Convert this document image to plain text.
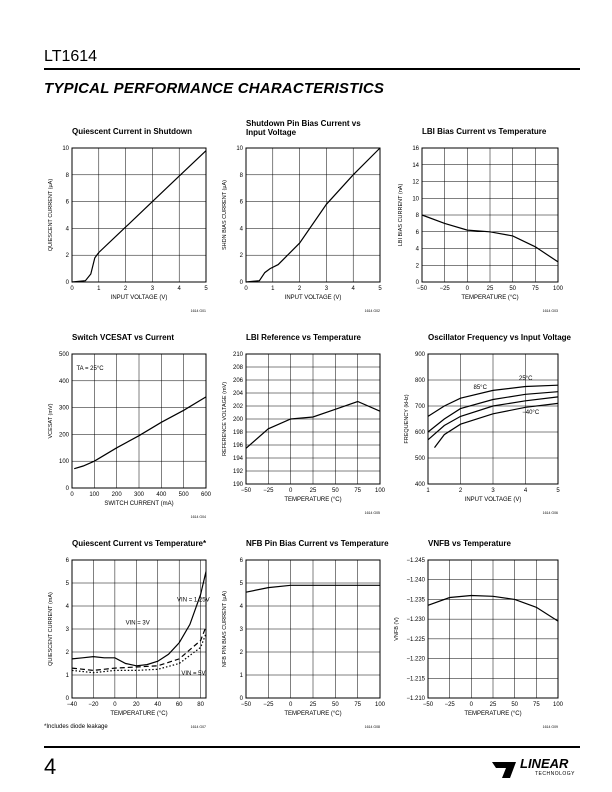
LT1614
TYPICAL PERFORMANCE CHARACTERISTICS
Quiescent Current in Shutdown
0	1	2	3	4	5
0
2
4
6
8
10
INPUT VOLTAGE (V)
QUIESCENT CURRENT (µA)
1614 G01
Shutdown Pin Bias Current vs Input Voltage
0	1	2	3	4	5
0
2
4
6
8
10
INPUT VOLTAGE (V)
SHDN BIAS CURRENT (µA)
1614 G02
LBI Bias Current vs Temperature
−50 −25	0	25	50	75 100
0
2
4
6
8
10
12
14
16
TEMPERATURE (°C)
LBI BIAS CURRENT (nA)
1614 G03
Switch VCESAT vs Current
0	100 200 300 400 500 600
0
100
200
300
400
500
SWITCH CURRENT (mA)
VCESAT (mV)
1614 G04
TA = 25°C
LBI Reference vs Temperature
−50 −25	0	25	50	75 100
190
192
194
196
198
200
202
204
206
208
210
TEMPERATURE (°C)
REFERENCE VOLTAGE (mV)
1614 G05
Oscillator Frequency vs Input Voltage
1	2	3	4	5
400
500
600
700
800
900
INPUT VOLTAGE (V)
FREQUENCY (kHz)
1614 G06
25°C
85°C
−40°C
Quiescent Current vs Temperature*
−40 −20 0	20 40 60 80
0
1
2
3
4
5
6
TEMPERATURE (°C)
QUIESCENT CURRENT (mA)
1614 G07
VIN = 1.25V
VIN = 3V
VIN = 5V
NFB Pin Bias Current vs Temperature
−50 −25	0	25	50	75 100
0
1
2
3
4
5
6
TEMPERATURE (°C)
NFB PIN BIAS CURRENT (µA)
1614 G08
VNFB vs Temperature
−50 −25 0	25 50 75 100
−1.210
−1.215
−1.220
−1.225
−1.230
−1.235
−1.240
−1.245
TEMPERATURE (°C)
VNFB (V)
1614 G09
*Includes diode leakage
4	LINEAR
TECHNOLOGY
